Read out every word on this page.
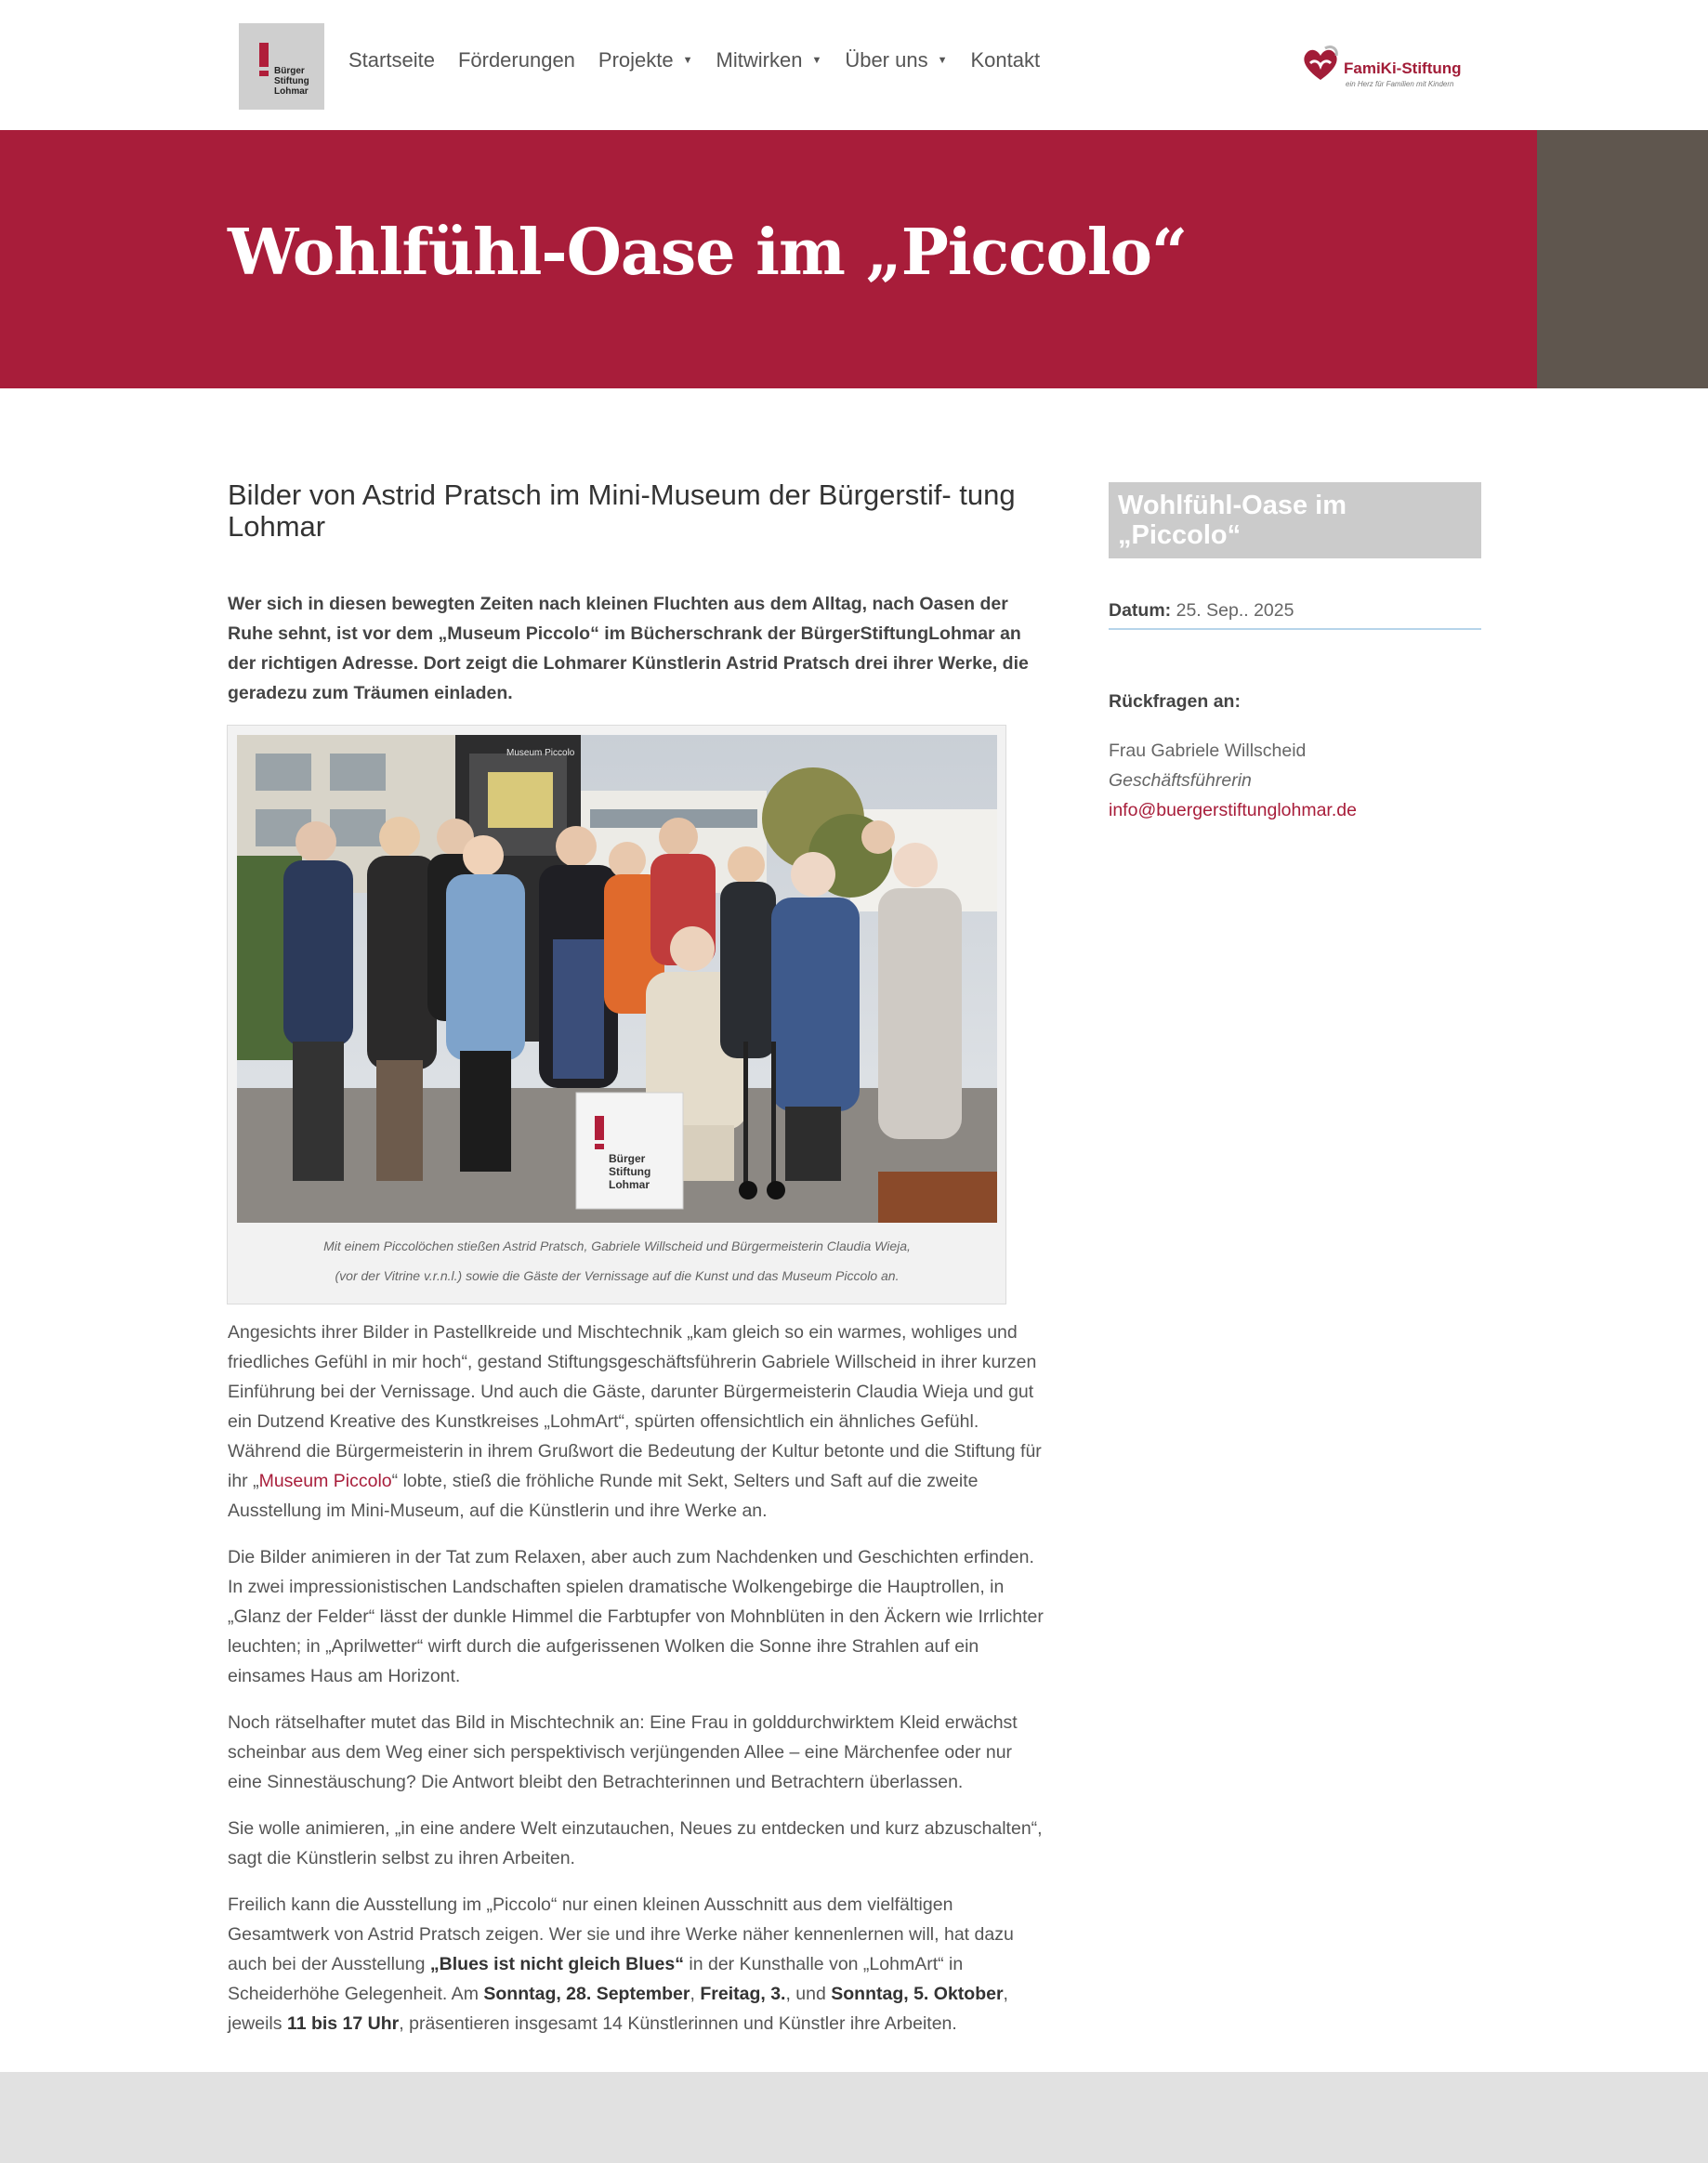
Bürger
Stiftung
Lohmar
Startseite Förderungen Projekte ▼ Mitwirken ▼ Über uns ▼ Kontakt	FamiKi-Stiftung
ein Herz für Familien mit Kindern
Wohlfühl-Oase im „Piccolo“
Bilder von Astrid Pratsch im Mini-Museum der Bürgerstif- tung Lohmar

Wer sich in diesen bewegten Zeiten nach kleinen Fluchten aus dem Alltag, nach Oasen der Ruhe sehnt, ist vor dem „Museum Piccolo“ im Bücherschrank der BürgerStiftungLohmar an der richtigen Adresse. Dort zeigt die Lohmarer Künstlerin Astrid Pratsch drei ihrer Werke, die geradezu zum Träumen einladen.

Bürger
Stiftung
Lohmar
Museum Piccolo
Mit einem Piccolöchen stießen Astrid Pratsch, Gabriele Willscheid und Bürgermeisterin Claudia Wieja,
(vor der Vitrine v.r.n.l.) sowie die Gäste der Vernissage auf die Kunst und das Museum Piccolo an.

Angesichts ihrer Bilder in Pastellkreide und Mischtechnik „kam gleich so ein warmes, wohliges und friedliches Gefühl in mir hoch“, gestand Stiftungsgeschäftsführerin Gabriele Willscheid in ihrer kurzen Einführung bei der Vernissage. Und auch die Gäste, darunter Bürgermeisterin Claudia Wieja und gut ein Dutzend Kreative des Kunstkreises „LohmArt“, spürten offensichtlich ein ähnliches Gefühl. Während die Bürgermeisterin in ihrem Grußwort die Bedeutung der Kultur betonte und die Stiftung für ihr „Museum Piccolo“ lobte, stieß die fröhliche Runde mit Sekt, Selters und Saft auf die zweite Ausstellung im Mini-Museum, auf die Künstlerin und ihre Werke an.

Die Bilder animieren in der Tat zum Relaxen, aber auch zum Nachdenken und Geschichten erfinden. In zwei impressionistischen Landschaften spielen dramatische Wolkengebirge die Hauptrollen, in „Glanz der Felder“ lässt der dunkle Himmel die Farbtupfer von Mohnblüten in den Äckern wie Irrlichter leuchten; in „Aprilwetter“ wirft durch die aufgerissenen Wolken die Sonne ihre Strahlen auf ein einsames Haus am Horizont.

Noch rätselhafter mutet das Bild in Mischtechnik an: Eine Frau in golddurchwirktem Kleid erwächst scheinbar aus dem Weg einer sich perspektivisch verjüngenden Allee – eine Märchenfee oder nur eine Sinnestäuschung? Die Antwort bleibt den Betrachterinnen und Betrachtern überlassen.

Sie wolle animieren, „in eine andere Welt einzutauchen, Neues zu entdecken und kurz abzuschalten“, sagt die Künstlerin selbst zu ihren Arbeiten.

Freilich kann die Ausstellung im „Piccolo“ nur einen kleinen Ausschnitt aus dem vielfältigen Gesamtwerk von Astrid Pratsch zeigen. Wer sie und ihre Werke näher kennenlernen will, hat dazu auch bei der Ausstellung „Blues ist nicht gleich Blues“ in der Kunsthalle von „LohmArt“ in Scheiderhöhe Gelegenheit. Am Sonntag, 28. September, Freitag, 3., und Sonntag, 5. Oktober, jeweils 11 bis 17 Uhr, präsentieren insgesamt 14 Künstlerinnen und Künstler ihre Arbeiten.

Wohlfühl-Oase im „Piccolo“
Datum: 25. Sep.. 2025
Rückfragen an:
Frau Gabriele Willscheid
Geschäftsführerin
info@buergerstiftunglohmar.de
